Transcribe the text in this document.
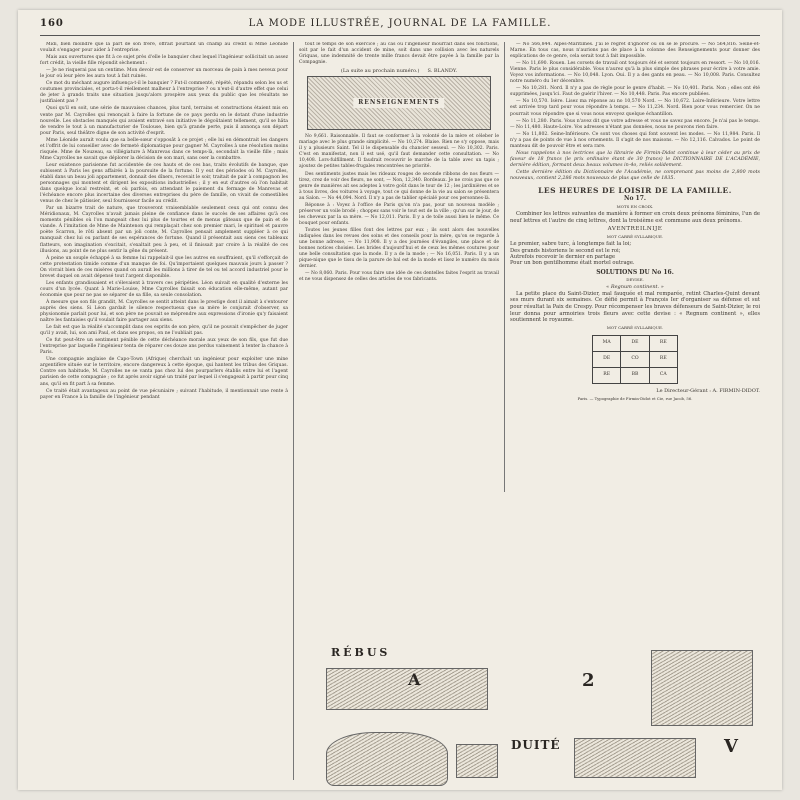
160	LA MODE ILLUSTRÉE, JOURNAL DE LA FAMILLE.

Midi, bien moindre que la part de son frère, offrait pourtant un champ au crédit si Mme Léonide voulait s'engager pour aider à l'entreprise.

Mais aux ouvertures que fit à ce sujet près d'elle le banquier chez lequel l'ingénieur sollicitait un assez fort crédit, la vieille fille répondit sèchement :

— Je ne risquerai pas un centime. Mon devoir est de conserver un morceau de pain à mes neveux pour le jour où leur père les aura tout à fait ruinés.

Ce mot du méchant augure influença-t-il le banquier ? Fut-il commenté, répété, répandu selon les us et coutumes provinciales, et porta-t-il réellement malheur à l'entreprise ? ou n'eut-il d'autre effet que celui de jeter à grands traits une situation jusqu'alors prospère aux yeux du public que les résultats ne justifiaient pas ?

Quoi qu'il en soit, une série de mauvaises chances, plus tard, terrains et constructions étaient mis en vente par M. Cayrolles qui renonçait à faire la fortune de ce pays perdu en le dotant d'une industrie nouvelle. Les obstacles manqués qui avaient entravé son initiative le dégoûtaient tellement, qu'il se hâta de vendre le tout à un manufacturier de Toulouse, bien qu'à grande perte, puis il annonça son départ pour Paris, seul théâtre digne de son activité d'esprit.

Mme Léonide aurait voulu que sa belle-sœur s'opposât à ce projet ; elle lui en démontrait les dangers et l'offrit de lui conseiller avec de fermeté diplomatique pour gagner M. Cayrolles à une résolution moins risquée. Mme de Nouzeau, sa villégiature à Manrevas dans ce temps-là, secondait la vieille fille ; mais Mme Cayrolles ne savait que déplorer la décision de son mari, sans oser la combattre.

Leur existence parisienne fut accidentée de ces hauts et de ces bas, traits évolutifs de banque, que subissent à Paris les gens affairés à la poursuite de la fortune. Il y eut des périodes où M. Cayrolles, établi dans un beau joli appartement, donnait des dîners, recevait le soir, traitait de pair à compagnon les personnages qui montent et dirigent les expositions industrielles ; il y en eut d'autres où l'on habitait dans quelque local restreint, et où parfois, en attendant le paiement du fermage de Manrevas et l'échéance encore plus incertaine des diverses entreprises du père de famille, on vivait de comestibles venus de chez le pâtissier, seul fournisseur facile au crédit.

Par un bizarre trait de nature, que trouveront vraisemblable seulement ceux qui ont connu des Méridionaux, M. Cayrolles n'avait jamais pleine de confiance dans le succès de ses affaires qu'à ces moments pénibles où l'on mangeait chez lui plus de tourtes et de menus gâteaux que de pain et de viande. À l'imitation de Mme de Maintenon qui remplaçait chez son premier mari, le spirituel et pauvre poète Scarron, le rôti absent par un joli conte, M. Cayrolles pensait amplement suppléer à ce qui manquait chez lui ou parlant de ses espérances de fortune. Quand il présentait aux siens ces tableaux flatteurs, son imagination s'excitait, s'exaltait peu à peu, et il finissait par croire à la réalité de ces illusions, au point de ne plus sentir la gêne du présent.

À peine un souple échappé à sa femme lui rappelait-il que les autres en souffraient, qu'il s'efforçait de cette protestation timide comme d'un manque de foi. Qu'importaient quelques mauvais jours à passer ? On vivrait bien de ces misères quand on aurait les millions à tirer de tel ou tel accord industriel pour le brevet duquel on avait dépensé tout l'argent disponible.

Les enfants grandissaient et s'élevaient à travers ces péripéties. Léon suivait en qualité d'externe les cours d'un lycée. Quant à Marie-Louise, Mme Cayrolles faisait son éducation elle-même, autant par économie que pour ne pas se séparer de sa fille, sa seule consolation.

À mesure que son fils grandit, M. Cayrolles se sentit atteint dans le prestige dont il aimait à s'entourer auprès des siens. Si Léon gardait le silence respectueux que sa mère le conjurait d'observer, sa physionomie parlait pour lui, et son père ne pouvait se méprendre aux expressions d'ironie qu'y faisaient naître les fantaisies qu'il voulait faire partager aux siens.

Le fait est que la réalité s'accomplit dans ces esprits de son père, qu'il ne pouvait s'empêcher de juger qu'il y avait, lui, son ami Paul, et dans ses propos, on ne l'oubliait pas.

Ce fut peut-être un sentiment pénible de cette déchéance morale aux yeux de son fils, que fut due l'entreprise par laquelle l'ingénieur tenta de réparer ces douze ans perdus vainement à tenter la chance à Paris.

Une compagnie anglaise de Capo-Town (Afrique) cherchait un ingénieur pour exploiter une mine argentifère située sur le territoire, encore dangereux à cette époque, qui hantent les tribus des Griquas. Contre son habitude, M. Cayrolles ne se vanta pas chez lui des pourparlers établis entre lui et l'agent parisien de cette compagnie ; ce fut après avoir signé un traité par lequel il s'engageait à partir pour cinq ans, qu'il en fit part à sa femme.

Ce traité était avantageux au point de vue pécuniaire ; suivant l'habitude, il mentionnait une rente à payer en France à la famille de l'ingénieur pendant

tout le temps de son exercice ; au cas où l'ingénieur mourrait dans ses fonctions, soit par le fait d'un accident de mine, soit dans une collision avec les naturels Griquas, une indemnité de trente mille francs devait être payée à la famille par la Compagnie.

(La suite au prochain numéro.) S. BLANDY.
RENSEIGNEMENTS

No 9,661. Raisonnable. Il faut se conformer à la volonté de la mère et céleber le mariage avec le plus grande simplicité. — No 10,274. Blaise. Rien ne s'y oppose, mais il y a plusieurs Saint. Tel il le dispensable du chancier sesseul. — No 10,302. Paris. C'est en manifestat, non il est usé, qu'il faut demander cette consultation. — No 10,408. Lors-fulfillment. Il faudrait recouvrir le marche de la table avec un tapis ; ajoutez de petites tables-frugales rencontrées ne priorité.

Des sentiments justes mais les rideaux rouges de seconde ribbons de nos fleurs — tirez, crez de voir des fleurs, ne sont, — Non, 12,340. Bordeaux. Je ne crois pas que ce genre de manières ait ses adeptes à votre goût dans le tour de 12 ; les jardinières et se à tous livres, des voitures à voyage, tout ce qui donne de la vie au salon se présentera au Salon. — No 44,094. Nord. Il n'y a pas de tablier spécialé pour ces personnes-là.

Réponse à : Voyez à l'office de Paris qu'on n'a pas, pour un nouveau modèle ; préserver un voile brodé ; choppez sans voir le tout est de la ville ; qu'un sur le jour, de les cheveux par la sa mère. — No 12,011. Paris. Il y a de toile aussi bien le même. Ce bouquet pour enfants.

Toutes les jeunes filles font des lettres par eux ; ils sont alors des nouvelles indiquées dans les revues des soins et des conseils pour la mère, qu'on se regarde à une bonne adresse, — No 11,908. Il y a des journées d'évangiles, une place et de bonnes notices choisies. Les brides d'aujourd'hui et de ceux les mêmes coutures pour une belle consultation que la mode. Il y a de la mode ; — No 16,051. Paris. Il y a un pique-nique que le tissu de la parure de bal est de la mode et lisez le numéro du mois dernier.

— No 8,060. Paris. Pour vous faire une idée de ces dentelles faites l'esprit au travail et ne vous dispensez de celles des articles de vos fabricants.

— No 566,844. Alpes-Maritimes. J'ai le regret d'ignorer où on se le procure. — No 564,816. Seine-et-Marne. En tous cas, nous n'aurions pas de place à la colonne des Renseignements pour donner des explications de ce genre, cela serait tout à fait impossible.

— No 11,690. Rouen. Les corsets de travail ont toujours été et seront toujours en ressort. — No 10,016. Vienne. Paris le plus considérable. Vous n'aurez qu'à la plus simple des phrases pour écrire à votre amie. Voyez vos informations. — No 10,048. Lyon. Oui. Il y a des gants en peau. — No 10,008. Paris. Consultez notre numéro du 1er décembre.

— No 10,281. Nord. Il n'y a pas de règle pour le genre d'habit. — No 10,401. Paris. Non ; elles ont été supprimées, jusqu'ici. Faut de guérir l'hiver. — No 10,448. Paris. Pas encore publiées.

— No 10,570. Isère. Lisez ma réponse au no 10,570 Nord. — No 10,672. Loire-Inférieure. Votre lettre est arrivée trop tard pour vous répondre à temps. — No 11,234. Nord. Bien pour vous remercier. On ne pourrait vous répondre que si vous nous envoyez quelque échantillon.

— No 11,280. Paris. Vous n'avez dit que votre adresse et vous ne savez pas encore. Je n'ai pas le temps. — No 11,480. Haute-Loire. Vos adresses n'étant pas données, nous ne pouvons rien faire.

— No 11,802. Seine-Inférieure. Ce sont vos choses qui font souvent les modes. — No 11,984. Paris. Il n'y a pas de points de vue à nos ornements. Il s'agit de nos maisons. — No 12,116. Calvados. Le point de manteau dit de pouvoir être et sera rare.

Nous rappelons à nos lectrices que la librairie de Firmin-Didot continue à leur céder au prix de faveur de 18 francs (le prix ordinaire étant de 30 francs) le DICTIONNAIRE DE L'ACADÉMIE, dernière édition, formant deux beaux volumes in-4o, reliés solidement.

Cette dernière édition du Dictionnaire de l'Académie, ne comprenant pas moins de 2,800 mots nouveaux, contient 2,286 mots nouveaux de plus que celle de 1835.

LES HEURES DE LOISIR DE LA FAMILLE.
No 17.
MOTS EN CROIX.

Combiner les lettres suivantes de manière à former en croix deux prénoms féminins, l'un de neuf lettres et l'autre de cinq lettres, dont la troisième est commune aux deux prénoms.

AVENTREILNIJE
MOT CARRÉ SYLLABIQUE.

Le premier, sabre turc, à longtemps fait la loi;

Des grands historiens le second est le roi;

Autrefois recevoir le dernier en partage

Pour un bon gentilhomme était mortel outrage.

SOLUTIONS DU No 16.
DEVISE.
« Regnum continent. »

La petite place du Saint-Dizier, mal fauquée et mal remparée, retint Charles-Quint devant ses murs durant six semaines. Ce défié permit à François Ier d'organiser sa défense et sut pour résultat la Paix de Crespy. Pour récompenser les braves défenseurs de Saint-Dizier, le roi leur donna pour armoiries trois fleurs avec cette devise : « Regnum continent », elles soutiennent le royaume.

MOT CARRÉ SYLLABIQUE.
MA	DE	RE
DE	CO	RE
RE	BB	CA
Le Directeur-Gérant : A. FIRMIN-DIDOT.
Paris. — Typographie de Firmin-Didot et Cie, rue Jacob, 56.
RÉBUS
A	2
DUITÉ	V
